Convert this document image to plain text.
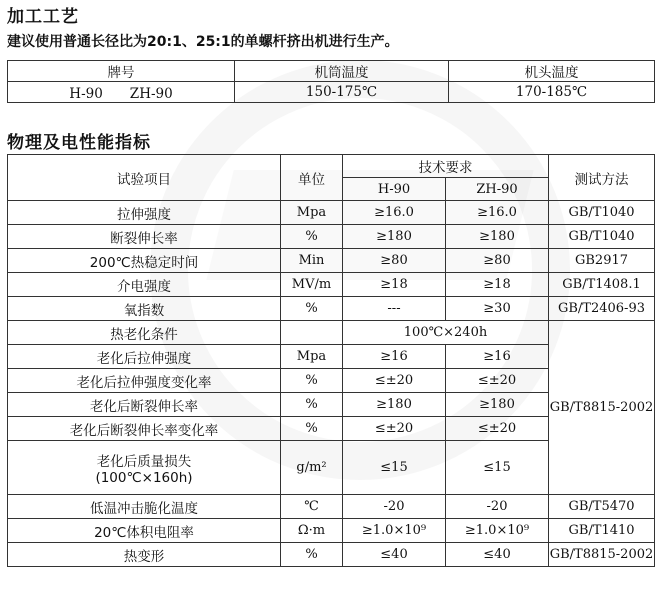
加工工艺

建议使用普通长径比为20:1、25:1的单螺杆挤出机进行生产。

牌号	机筒温度	机头温度
H-90　　ZH-90	150-175℃	170-185℃
物理及电性能指标
试验项目	单位	技术要求		测试方法
		H-90	ZH-90	
拉伸强度	Mpa	≥16.0	≥16.0	GB/T1040
断裂伸长率	%	≥180	≥180	GB/T1040
200℃热稳定时间	Min	≥80	≥80	GB2917
介电强度	MV/m	≥18	≥18	GB/T1408.1
氧指数	%	---	≥30	GB/T2406-93
热老化条件		100℃×240h		GB/T8815-2002
老化后拉伸强度	Mpa	≥16	≥16	
老化后拉伸强度变化率	%	≤±20	≤±20	
老化后断裂伸长率	%	≥180	≥180	
老化后断裂伸长率变化率	%	≤±20	≤±20	

老化后质量损失
(100℃×160h)	g/m²	≤15	≤15	
低温冲击脆化温度	℃	-20	-20	GB/T5470
20℃体积电阻率	Ω·m	≥1.0×10⁹	≥1.0×10⁹	GB/T1410
热变形	%	≤40	≤40	GB/T8815-2002
